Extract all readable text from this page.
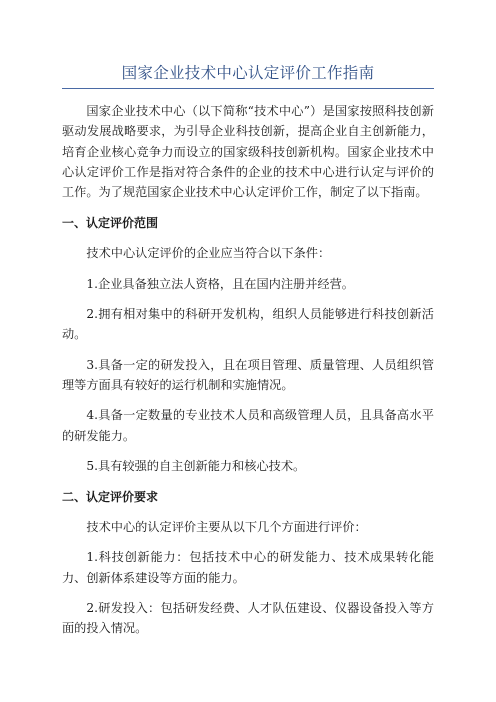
国家企业技术中心认定评价工作指南

国家企业技术中心（以下简称“技术中心”）是国家按照科技创新驱动发展战略要求，为引导企业科技创新，提高企业自主创新能力，培育企业核心竞争力而设立的国家级科技创新机构。国家企业技术中心认定评价工作是指对符合条件的企业的技术中心进行认定与评价的工作。为了规范国家企业技术中心认定评价工作，制定了以下指南。

一、认定评价范围

技术中心认定评价的企业应当符合以下条件：

1.企业具备独立法人资格，且在国内注册并经营。

2.拥有相对集中的科研开发机构，组织人员能够进行科技创新活动。

3.具备一定的研发投入，且在项目管理、质量管理、人员组织管理等方面具有较好的运行机制和实施情况。

4.具备一定数量的专业技术人员和高级管理人员，且具备高水平的研发能力。

5.具有较强的自主创新能力和核心技术。

二、认定评价要求

技术中心的认定评价主要从以下几个方面进行评价：

1.科技创新能力：包括技术中心的研发能力、技术成果转化能力、创新体系建设等方面的能力。

2.研发投入：包括研发经费、人才队伍建设、仪器设备投入等方面的投入情况。
